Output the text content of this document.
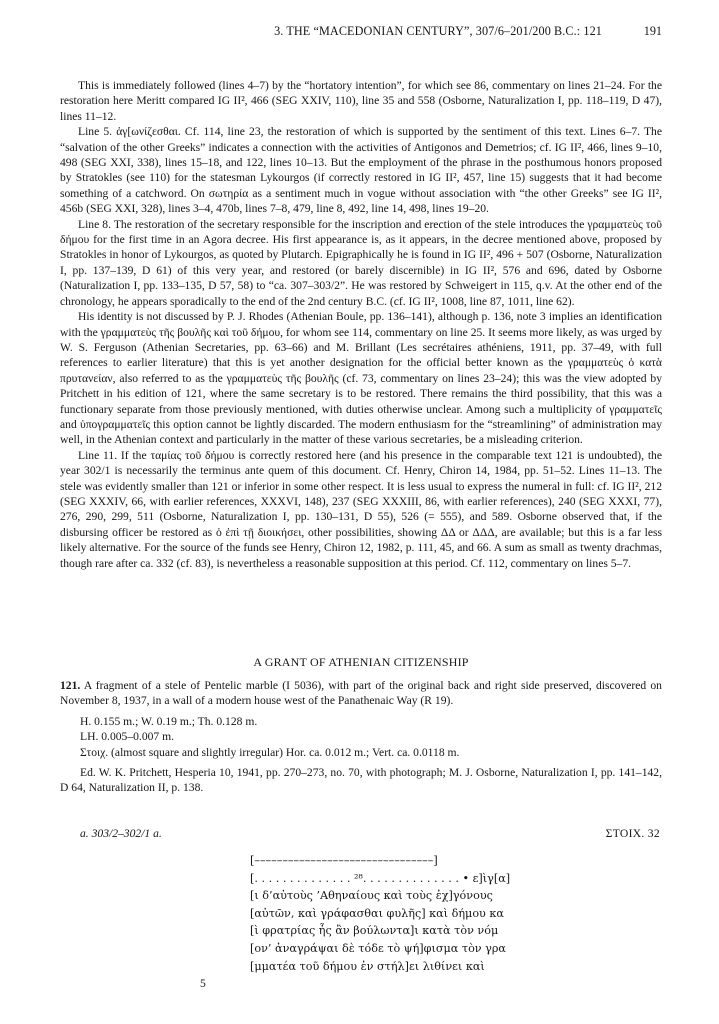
3. THE “MACEDONIAN CENTURY”, 307/6–201/200 B.C.: 121	191

This is immediately followed (lines 4–7) by the “hortatory intention”, for which see 86, commentary on lines 21–24. For the restoration here Meritt compared IG II², 466 (SEG XXIV, 110), line 35 and 558 (Osborne, Naturalization I, pp. 118–119, D 47), lines 11–12.

Line 5. ἀγ[ωνίζεσθαι. Cf. 114, line 23, the restoration of which is supported by the sentiment of this text. Lines 6–7. The “salvation of the other Greeks” indicates a connection with the activities of Antigonos and Demetrios; cf. IG II², 466, lines 9–10, 498 (SEG XXI, 338), lines 15–18, and 122, lines 10–13. But the employment of the phrase in the posthumous honors proposed by Stratokles (see 110) for the statesman Lykourgos (if correctly restored in IG II², 457, line 15) suggests that it had become something of a catchword. On σωτηρία as a sentiment much in vogue without association with “the other Greeks” see IG II², 456b (SEG XXI, 328), lines 3–4, 470b, lines 7–8, 479, line 8, 492, line 14, 498, lines 19–20.

Line 8. The restoration of the secretary responsible for the inscription and erection of the stele introduces the γραμματεὺς τοῦ δήμου for the first time in an Agora decree. His first appearance is, as it appears, in the decree mentioned above, proposed by Stratokles in honor of Lykourgos, as quoted by Plutarch. Epigraphically he is found in IG II², 496 + 507 (Osborne, Naturalization I, pp. 137–139, D 61) of this very year, and restored (or barely discernible) in IG II², 576 and 696, dated by Osborne (Naturalization I, pp. 133–135, D 57, 58) to “ca. 307–303/2”. He was restored by Schweigert in 115, q.v. At the other end of the chronology, he appears sporadically to the end of the 2nd century B.C. (cf. IG II², 1008, line 87, 1011, line 62).

His identity is not discussed by P. J. Rhodes (Athenian Boule, pp. 136–141), although p. 136, note 3 implies an identification with the γραμματεὺς τῆς βουλῆς καὶ τοῦ δήμου, for whom see 114, commentary on line 25. It seems more likely, as was urged by W. S. Ferguson (Athenian Secretaries, pp. 63–66) and M. Brillant (Les secrétaires athéniens, 1911, pp. 37–49, with full references to earlier literature) that this is yet another designation for the official better known as the γραμματεὺς ὁ κατὰ πρυτανείαν, also referred to as the γραμματεὺς τῆς βουλῆς (cf. 73, commentary on lines 23–24); this was the view adopted by Pritchett in his edition of 121, where the same secretary is to be restored. There remains the third possibility, that this was a functionary separate from those previously mentioned, with duties otherwise unclear. Among such a multiplicity of γραμματεῖς and ὑπογραμματεῖς this option cannot be lightly discarded. The modern enthusiasm for the “streamlining” of administration may well, in the Athenian context and particularly in the matter of these various secretaries, be a misleading criterion.

Line 11. If the ταμίας τοῦ δήμου is correctly restored here (and his presence in the comparable text 121 is undoubted), the year 302/1 is necessarily the terminus ante quem of this document. Cf. Henry, Chiron 14, 1984, pp. 51–52. Lines 11–13. The stele was evidently smaller than 121 or inferior in some other respect. It is less usual to express the numeral in full: cf. IG II², 212 (SEG XXXIV, 66, with earlier references, XXXVI, 148), 237 (SEG XXXIII, 86, with earlier references), 240 (SEG XXXI, 77), 276, 290, 299, 511 (Osborne, Naturalization I, pp. 130–131, D 55), 526 (= 555), and 589. Osborne observed that, if the disbursing officer be restored as ὁ ἐπὶ τῇ διοικήσει, other possibilities, showing ΔΔ or ΔΔΔ, are available; but this is a far less likely alternative. For the source of the funds see Henry, Chiron 12, 1982, p. 111, 45, and 66. A sum as small as twenty drachmas, though rare after ca. 332 (cf. 83), is nevertheless a reasonable supposition at this period. Cf. 112, commentary on lines 5–7.

A GRANT OF ATHENIAN CITIZENSHIP

121. A fragment of a stele of Pentelic marble (I 5036), with part of the original back and right side preserved, discovered on November 8, 1937, in a wall of a modern house west of the Panathenaic Way (R 19).

H. 0.155 m.; W. 0.19 m.; Th. 0.128 m.

LH. 0.005–0.007 m.

Στοιχ. (almost square and slightly irregular) Hor. ca. 0.012 m.; Vert. ca. 0.0118 m.

Ed. W. K. Pritchett, Hesperia 10, 1941, pp. 270–273, no. 70, with photograph; M. J. Osborne, Naturalization I, pp. 141–142, D 64, Naturalization II, p. 138.

a. 303/2–302/1 a.	ΣΤΟΙΧ. 32
[––––––––––––––––––––––––––––––––]
[. . . . . . . . . . . . . . ²⁸. . . . . . . . . . . . . . • ε]ὶγ[α]
[ι δ’αὐτοὺς ’Αθηναίους καὶ τοὺς ἐχ]γόνους
[αὐτῶν, καὶ γράφασθαι φυλῆς] καὶ δήμου κα
[ὶ φρατρίας ἧς ἂν βούλωντα]ι κατὰ τὸν νόμ
[ον’ ἀναγράψαι δὲ τόδε τὸ ψή]φισμα τὸν γρα
[μματέα τοῦ δήμου ἐν στήλ]ει λιθίνει καὶ
5
